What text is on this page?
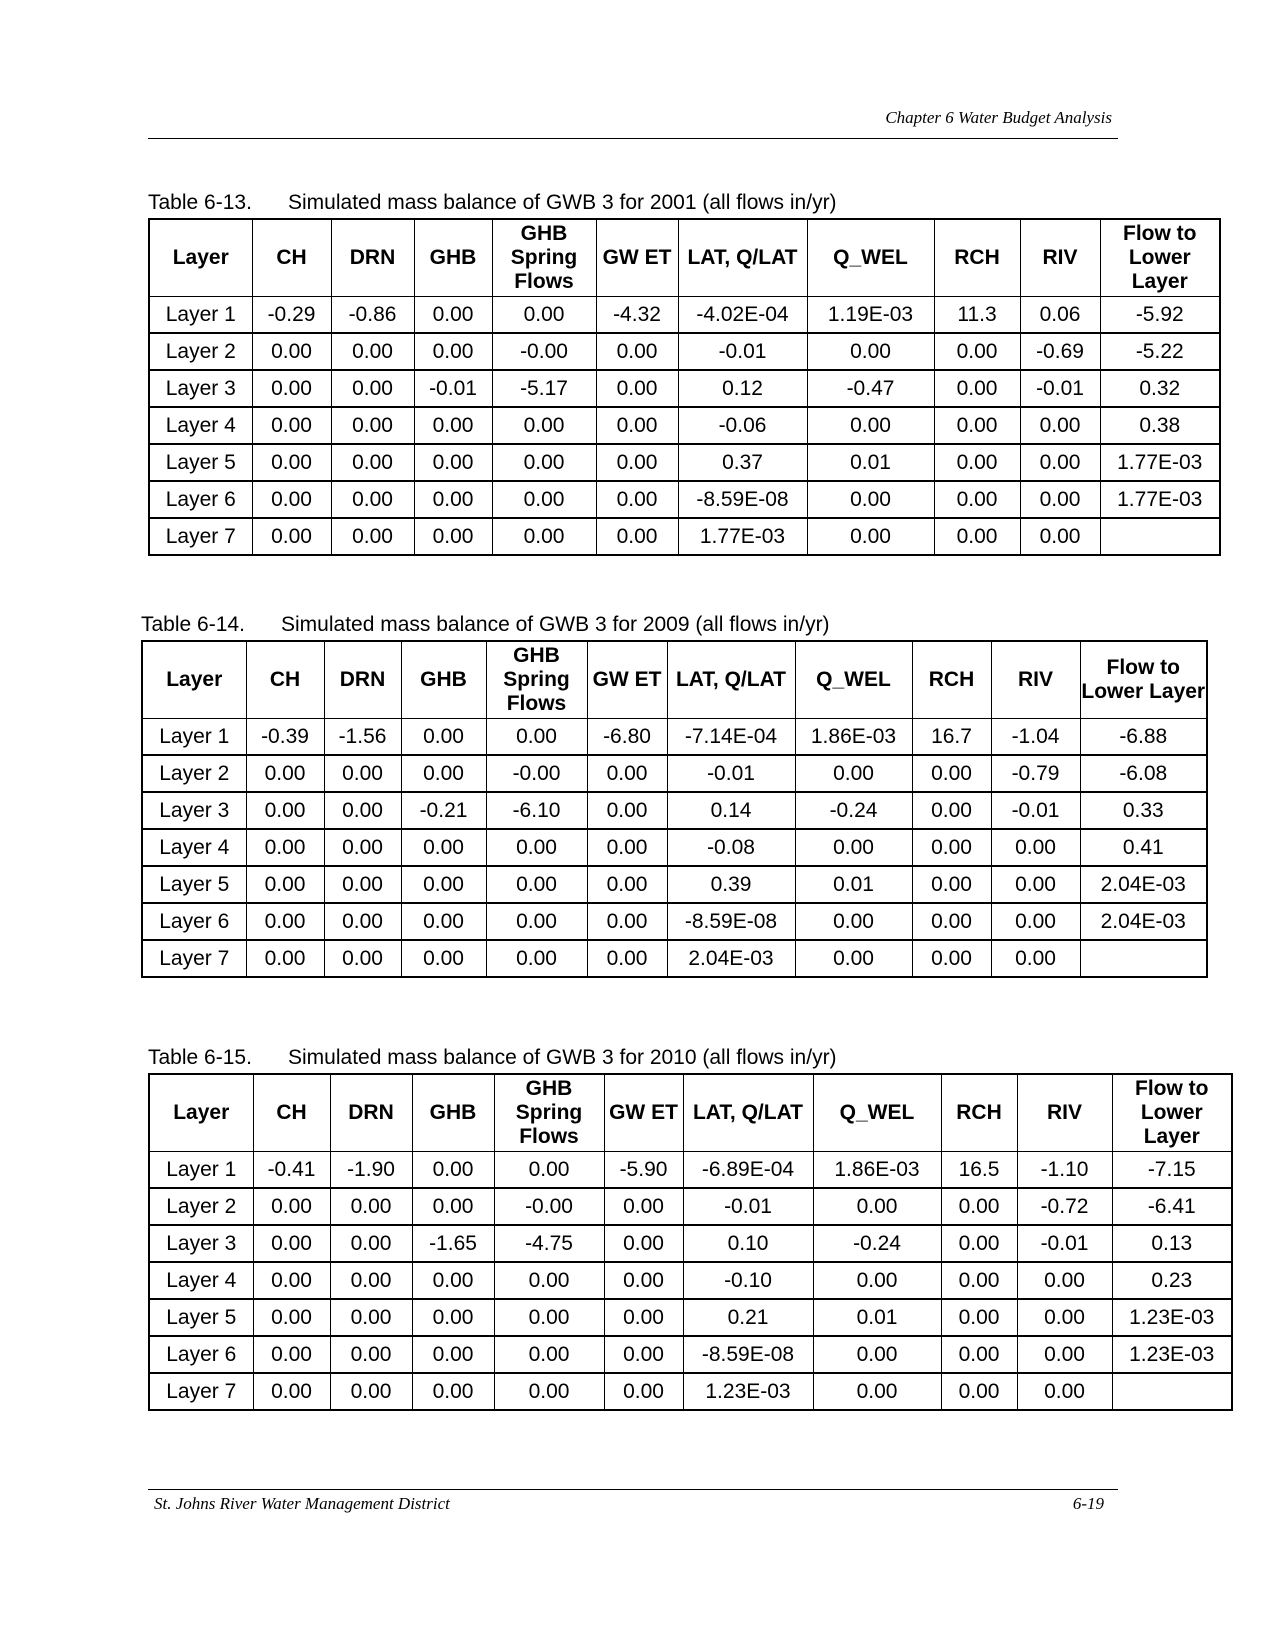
Chapter 6 Water Budget Analysis
Table 6-13. Simulated mass balance of GWB 3 for 2001 (all flows in/yr)
Layer	CH	DRN	GHB	GHB Spring Flows	GW ET	LAT, Q/LAT	Q_WEL	RCH	RIV	Flow to Lower Layer
Layer 1	-0.29	-0.86	0.00	0.00	-4.32	-4.02E-04	1.19E-03	11.3	0.06	-5.92
Layer 2	0.00	0.00	0.00	-0.00	0.00	-0.01	0.00	0.00	-0.69	-5.22
Layer 3	0.00	0.00	-0.01	-5.17	0.00	0.12	-0.47	0.00	-0.01	0.32
Layer 4	0.00	0.00	0.00	0.00	0.00	-0.06	0.00	0.00	0.00	0.38
Layer 5	0.00	0.00	0.00	0.00	0.00	0.37	0.01	0.00	0.00	1.77E-03
Layer 6	0.00	0.00	0.00	0.00	0.00	-8.59E-08	0.00	0.00	0.00	1.77E-03
Layer 7	0.00	0.00	0.00	0.00	0.00	1.77E-03	0.00	0.00	0.00	
Table 6-14. Simulated mass balance of GWB 3 for 2009 (all flows in/yr)
Layer	CH	DRN	GHB	GHB Spring Flows	GW ET	LAT, Q/LAT	Q_WEL	RCH	RIV	Flow to Lower Layer
Layer 1	-0.39	-1.56	0.00	0.00	-6.80	-7.14E-04	1.86E-03	16.7	-1.04	-6.88
Layer 2	0.00	0.00	0.00	-0.00	0.00	-0.01	0.00	0.00	-0.79	-6.08
Layer 3	0.00	0.00	-0.21	-6.10	0.00	0.14	-0.24	0.00	-0.01	0.33
Layer 4	0.00	0.00	0.00	0.00	0.00	-0.08	0.00	0.00	0.00	0.41
Layer 5	0.00	0.00	0.00	0.00	0.00	0.39	0.01	0.00	0.00	2.04E-03
Layer 6	0.00	0.00	0.00	0.00	0.00	-8.59E-08	0.00	0.00	0.00	2.04E-03
Layer 7	0.00	0.00	0.00	0.00	0.00	2.04E-03	0.00	0.00	0.00	
Table 6-15. Simulated mass balance of GWB 3 for 2010 (all flows in/yr)
Layer	CH	DRN	GHB	GHB Spring Flows	GW ET	LAT, Q/LAT	Q_WEL	RCH	RIV	Flow to Lower Layer
Layer 1	-0.41	-1.90	0.00	0.00	-5.90	-6.89E-04	1.86E-03	16.5	-1.10	-7.15
Layer 2	0.00	0.00	0.00	-0.00	0.00	-0.01	0.00	0.00	-0.72	-6.41
Layer 3	0.00	0.00	-1.65	-4.75	0.00	0.10	-0.24	0.00	-0.01	0.13
Layer 4	0.00	0.00	0.00	0.00	0.00	-0.10	0.00	0.00	0.00	0.23
Layer 5	0.00	0.00	0.00	0.00	0.00	0.21	0.01	0.00	0.00	1.23E-03
Layer 6	0.00	0.00	0.00	0.00	0.00	-8.59E-08	0.00	0.00	0.00	1.23E-03
Layer 7	0.00	0.00	0.00	0.00	0.00	1.23E-03	0.00	0.00	0.00	
St. Johns River Water Management District	6-19
